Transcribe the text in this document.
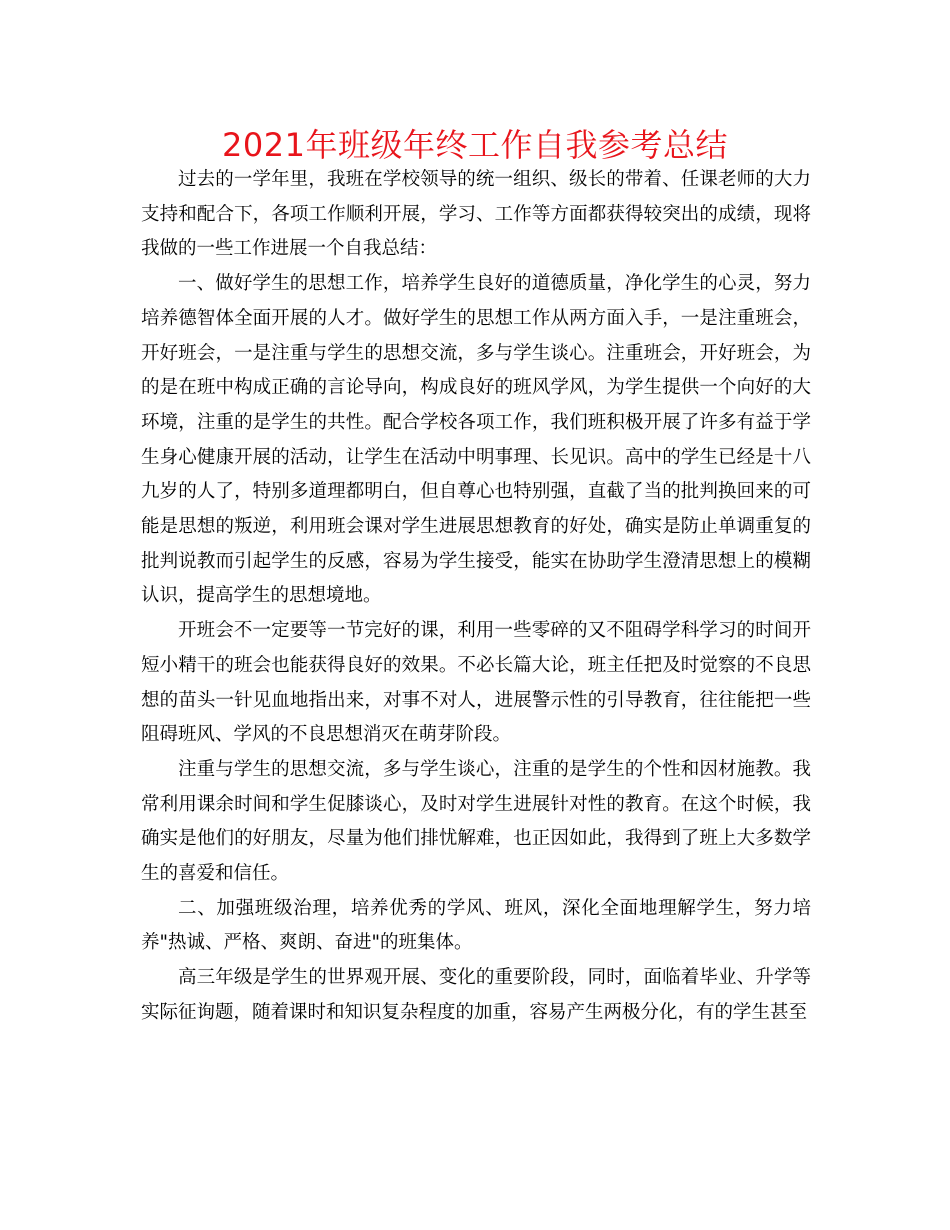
2021年班级年终工作自我参考总结

过去的一学年里，我班在学校领导的统一组织、级长的带着、任课老师的大力支持和配合下，各项工作顺利开展，学习、工作等方面都获得较突出的成绩，现将我做的一些工作进展一个自我总结：

一、做好学生的思想工作，培养学生良好的道德质量，净化学生的心灵，努力培养德智体全面开展的人才。做好学生的思想工作从两方面入手，一是注重班会，开好班会，一是注重与学生的思想交流，多与学生谈心。注重班会，开好班会，为的是在班中构成正确的言论导向，构成良好的班风学风，为学生提供一个向好的大环境，注重的是学生的共性。配合学校各项工作，我们班积极开展了许多有益于学生身心健康开展的活动，让学生在活动中明事理、长见识。高中的学生已经是十八九岁的人了，特别多道理都明白，但自尊心也特别强，直截了当的批判换回来的可能是思想的叛逆，利用班会课对学生进展思想教育的好处，确实是防止单调重复的批判说教而引起学生的反感，容易为学生接受，能实在协助学生澄清思想上的模糊认识，提高学生的思想境地。

开班会不一定要等一节完好的课，利用一些零碎的又不阻碍学科学习的时间开短小精干的班会也能获得良好的效果。不必长篇大论，班主任把及时觉察的不良思想的苗头一针见血地指出来，对事不对人，进展警示性的引导教育，往往能把一些阻碍班风、学风的不良思想消灭在萌芽阶段。

注重与学生的思想交流，多与学生谈心，注重的是学生的个性和因材施教。我常利用课余时间和学生促膝谈心，及时对学生进展针对性的教育。在这个时候，我确实是他们的好朋友，尽量为他们排忧解难，也正因如此，我得到了班上大多数学生的喜爱和信任。

二、加强班级治理，培养优秀的学风、班风，深化全面地理解学生，努力培养"热诚、严格、爽朗、奋进"的班集体。

高三年级是学生的世界观开展、变化的重要阶段，同时，面临着毕业、升学等实际征询题，随着课时和知识复杂程度的加重，容易产生两极分化，有的学生甚至
